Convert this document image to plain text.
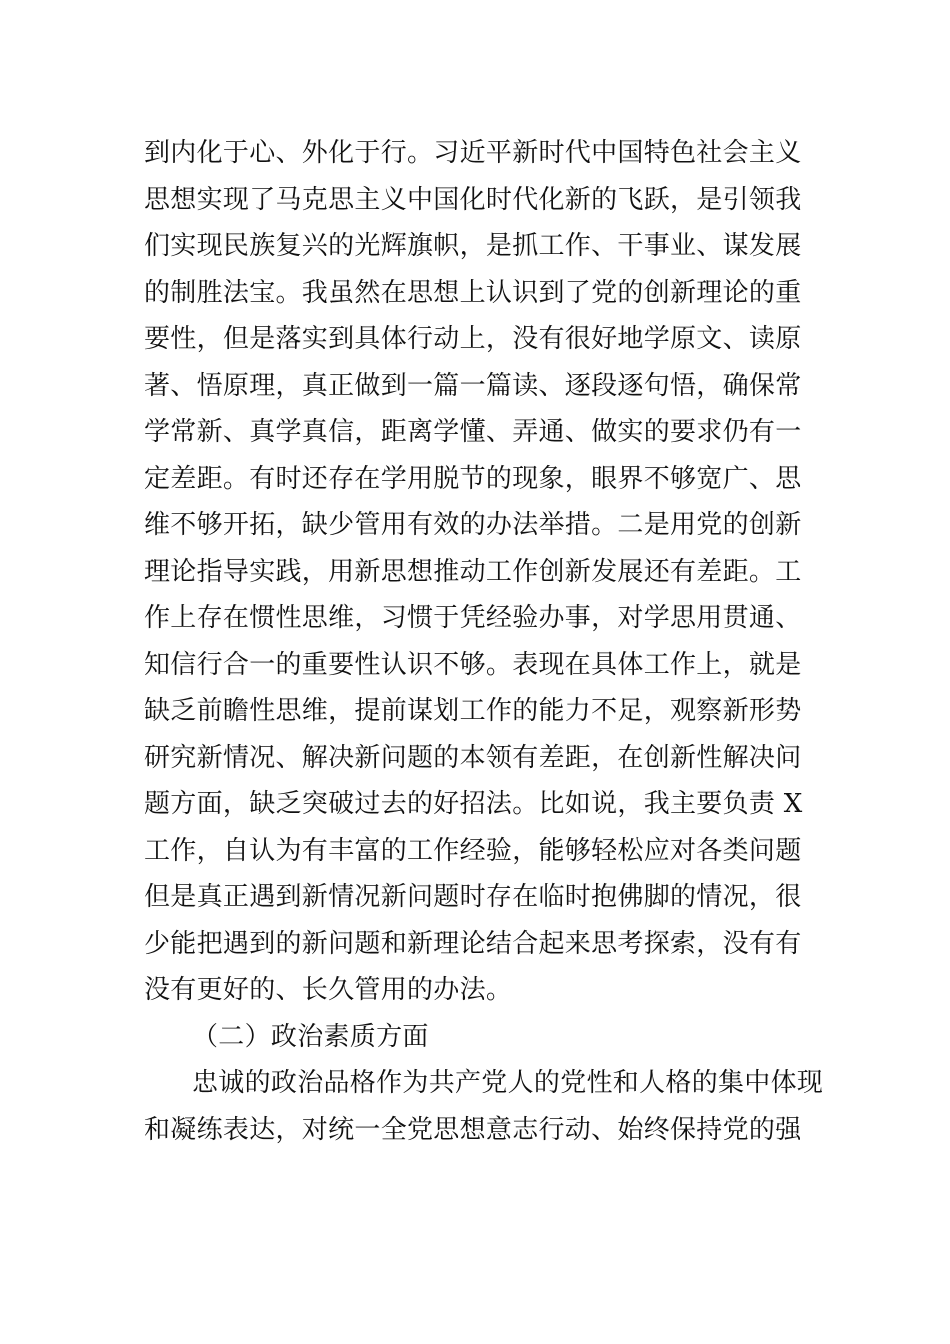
到内化于心、外化于行。习近平新时代中国特色社会主义
思想实现了马克思主义中国化时代化新的飞跃，是引领我
们实现民族复兴的光辉旗帜，是抓工作、干事业、谋发展
的制胜法宝。我虽然在思想上认识到了党的创新理论的重
要性，但是落实到具体行动上，没有很好地学原文、读原
著、悟原理，真正做到一篇一篇读、逐段逐句悟，确保常
学常新、真学真信，距离学懂、弄通、做实的要求仍有一
定差距。有时还存在学用脱节的现象，眼界不够宽广、思
维不够开拓，缺少管用有效的办法举措。二是用党的创新
理论指导实践，用新思想推动工作创新发展还有差距。工
作上存在惯性思维，习惯于凭经验办事，对学思用贯通、
知信行合一的重要性认识不够。表现在具体工作上，就是
缺乏前瞻性思维，提前谋划工作的能力不足，观察新形势
研究新情况、解决新问题的本领有差距，在创新性解决问
题方面，缺乏突破过去的好招法。比如说，我主要负责 X
工作，自认为有丰富的工作经验，能够轻松应对各类问题
但是真正遇到新情况新问题时存在临时抱佛脚的情况，很
少能把遇到的新问题和新理论结合起来思考探索，没有有
没有更好的、长久管用的办法。
（二）政治素质方面
忠诚的政治品格作为共产党人的党性和人格的集中体现
和凝练表达，对统一全党思想意志行动、始终保持党的强
